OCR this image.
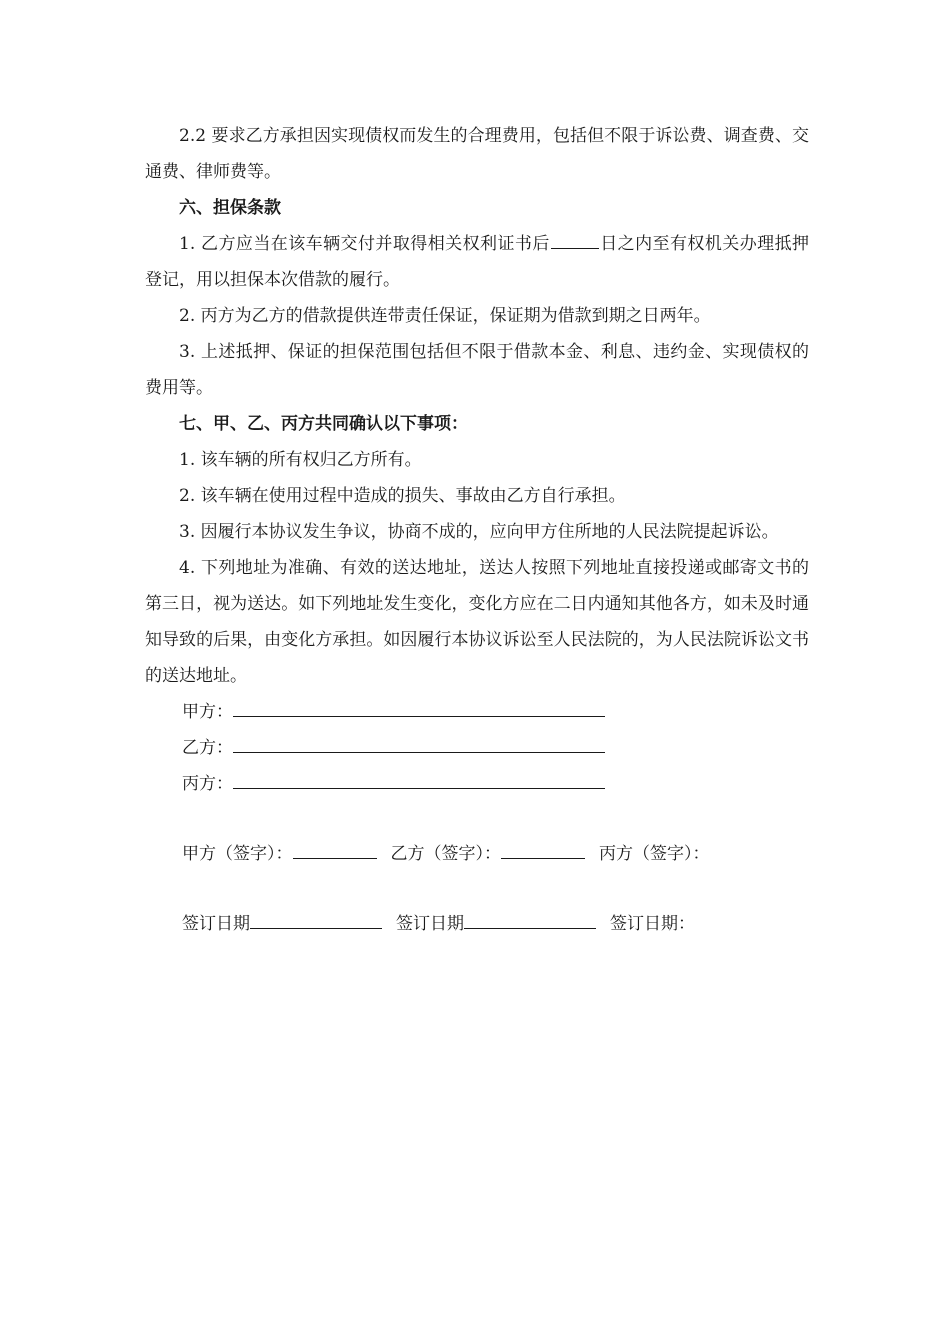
2.2 要求乙方承担因实现债权而发生的合理费用，包括但不限于诉讼费、调查费、交通费、律师费等。

六、担保条款

1. 乙方应当在该车辆交付并取得相关权利证书后	日之内至有权机关办理抵押登记，用以担保本次借款的履行。

2. 丙方为乙方的借款提供连带责任保证，保证期为借款到期之日两年。

3. 上述抵押、保证的担保范围包括但不限于借款本金、利息、违约金、实现债权的费用等。

七、甲、乙、丙方共同确认以下事项：

1. 该车辆的所有权归乙方所有。

2. 该车辆在使用过程中造成的损失、事故由乙方自行承担。

3. 因履行本协议发生争议，协商不成的，应向甲方住所地的人民法院提起诉讼。

4. 下列地址为准确、有效的送达地址，送达人按照下列地址直接投递或邮寄文书的第三日，视为送达。如下列地址发生变化，变化方应在二日内通知其他各方，如未及时通知导致的后果，由变化方承担。如因履行本协议诉讼至人民法院的，为人民法院诉讼文书的送达地址。

甲方：

乙方：

丙方：

甲方（签字）：	乙方（签字）：	丙方（签字）：

签订日期	签订日期	签订日期：
